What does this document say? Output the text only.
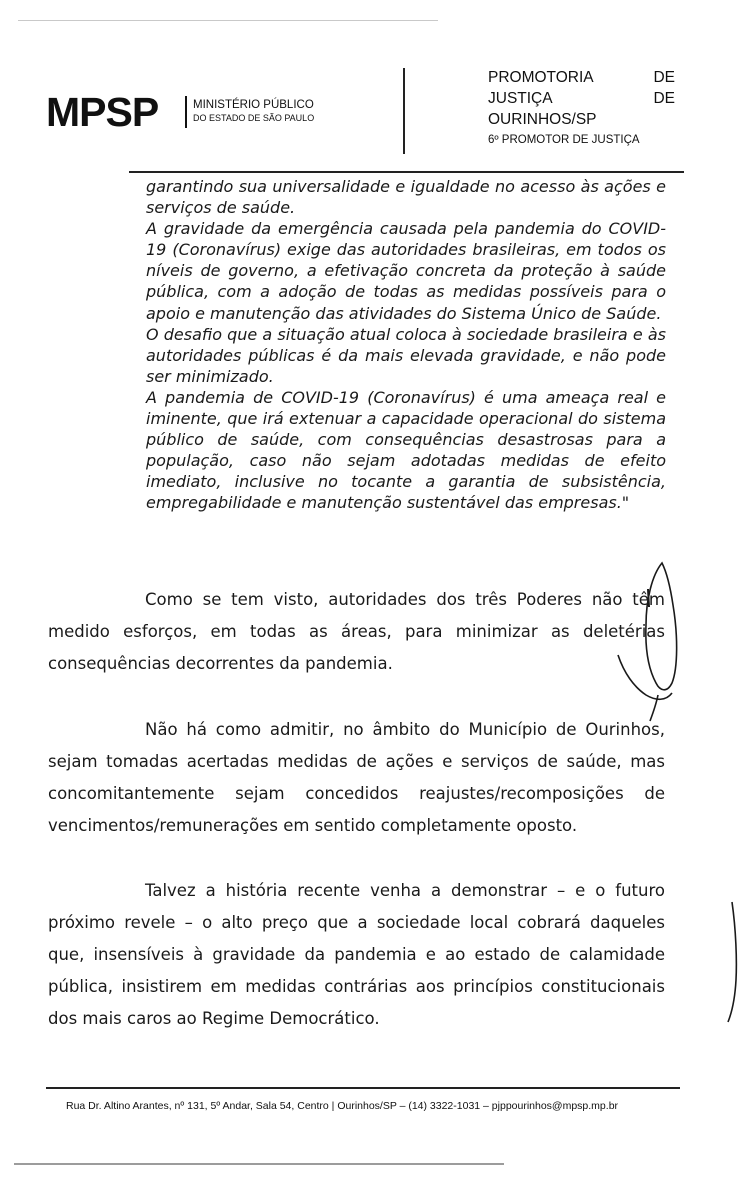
MPSP	MINISTÉRIO PÚBLICO
DO ESTADO DE SÃO PAULO
PROMOTORIA	DE
JUSTIÇA	DE
OURINHOS/SP
6º PROMOTOR DE JUSTIÇA

garantindo sua universalidade e igualdade no acesso às ações e serviços de saúde.

A gravidade da emergência causada pela pandemia do COVID-19 (Coronavírus) exige das autoridades brasileiras, em todos os níveis de governo, a efetivação concreta da proteção à saúde pública, com a adoção de todas as medidas possíveis para o apoio e manutenção das atividades do Sistema Único de Saúde.

O desafio que a situação atual coloca à sociedade brasileira e às autoridades públicas é da mais elevada gravidade, e não pode ser minimizado.

A pandemia de COVID-19 (Coronavírus) é uma ameaça real e iminente, que irá extenuar a capacidade operacional do sistema público de saúde, com consequências desastrosas para a população, caso não sejam adotadas medidas de efeito imediato, inclusive no tocante a garantia de subsistência, empregabilidade e manutenção sustentável das empresas."

Como se tem visto, autoridades dos três Poderes não têm
medido esforços, em todas as áreas, para minimizar as deletérias
consequências decorrentes da pandemia.
Não há como admitir, no âmbito do Município de Ourinhos,
sejam tomadas acertadas medidas de ações e serviços de saúde, mas
concomitantemente sejam concedidos reajustes/recomposições de
vencimentos/remunerações em sentido completamente oposto.
Talvez a história recente venha a demonstrar – e o futuro
próximo revele – o alto preço que a sociedade local cobrará daqueles
que, insensíveis à gravidade da pandemia e ao estado de calamidade
pública, insistirem em medidas contrárias aos princípios constitucionais
dos mais caros ao Regime Democrático.
Rua Dr. Altino Arantes, nº 131, 5º Andar, Sala 54, Centro | Ourinhos/SP – (14) 3322-1031 – pjppourinhos@mpsp.mp.br
